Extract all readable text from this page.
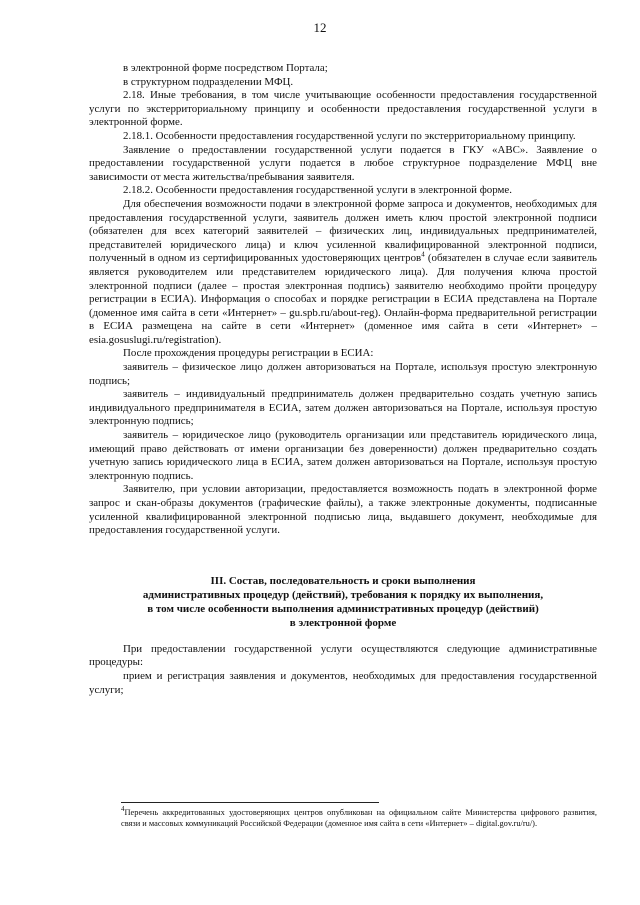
12

в электронной форме посредством Портала;

в структурном подразделении МФЦ.

2.18. Иные требования, в том числе учитывающие особенности предоставления государственной услуги по экстерриториальному принципу и особенности предоставления государственной услуги в электронной форме.

2.18.1. Особенности предоставления государственной услуги по экстерриториальному принципу.

Заявление о предоставлении государственной услуги подается в ГКУ «АВС». Заявление о предоставлении государственной услуги подается в любое структурное подразделение МФЦ вне зависимости от места жительства/пребывания заявителя.

2.18.2. Особенности предоставления государственной услуги в электронной форме.

Для обеспечения возможности подачи в электронной форме запроса и документов, необходимых для предоставления государственной услуги, заявитель должен иметь ключ простой электронной подписи (обязателен для всех категорий заявителей – физических лиц, индивидуальных предпринимателей, представителей юридического лица) и ключ усиленной квалифицированной электронной подписи, полученный в одном из сертифицированных удостоверяющих центров$^4$ (обязателен в случае если заявитель является руководителем или представителем юридического лица). Для получения ключа простой электронной подписи (далее – простая электронная подпись) заявителю необходимо пройти процедуру регистрации в ЕСИА). Информация о способах и порядке регистрации в ЕСИА представлена на Портале (доменное имя сайта в сети «Интернет» – gu.spb.ru/about-reg). Онлайн-форма предварительной регистрации в ЕСИА размещена на сайте в сети «Интернет» (доменное имя сайта в сети «Интернет» – esia.gosuslugi.ru/registration).

После прохождения процедуры регистрации в ЕСИА:

заявитель – физическое лицо должен авторизоваться на Портале, используя простую электронную подпись;

заявитель – индивидуальный предприниматель должен предварительно создать учетную запись индивидуального предпринимателя в ЕСИА, затем должен авторизоваться на Портале, используя простую электронную подпись;

заявитель – юридическое лицо (руководитель организации или представитель юридического лица, имеющий право действовать от имени организации без доверенности) должен предварительно создать учетную запись юридического лица в ЕСИА, затем должен авторизоваться на Портале, используя простую электронную подпись.

Заявителю, при условии авторизации, предоставляется возможность подать в электронной форме запрос и скан-образы документов (графические файлы), а также электронные документы, подписанные усиленной квалифицированной электронной подписью лица, выдавшего документ, необходимые для предоставления государственной услуги.

III. Состав, последовательность и сроки выполнения

административных процедур (действий), требования к порядку их выполнения,

в том числе особенности выполнения административных процедур (действий)

в электронной форме

При предоставлении государственной услуги осуществляются следующие административные процедуры:

прием и регистрация заявления и документов, необходимых для предоставления государственной услуги;

$^4$Перечень аккредитованных удостоверяющих центров опубликован на официальном сайте Министерства цифрового развития, связи и массовых коммуникаций Российской Федерации (доменное имя сайта в сети «Интернет» – digital.gov.ru/ru/).
